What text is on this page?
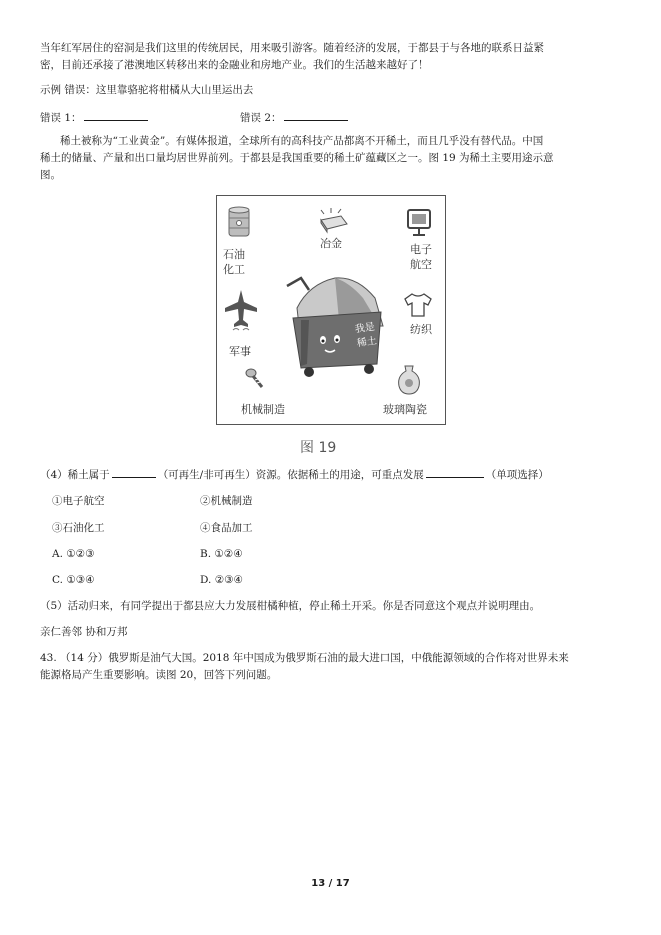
当年红军居住的窑洞是我们这里的传统居民，用来吸引游客。随着经济的发展，于都县于与各地的联系日益紧
密，目前还承接了港澳地区转移出来的金融业和房地产业。我们的生活越来越好了！
示例 错误：这里靠骆驼将柑橘从大山里运出去
错误 1：	错误 2：
稀土被称为“工业黄金”。有媒体报道，全球所有的高科技产品都离不开稀土，而且几乎没有替代品。中国
稀土的储量、产量和出口量均居世界前列。于都县是我国重要的稀土矿蕴藏区之一。图 19 为稀土主要用途示意
图。
石油
化工
冶金	电子
航空
军事
纺织
机械制造	玻璃陶瓷
我是
稀土
图 19
（4）稀土属于	（可再生/非可再生）资源。依据稀土的用途，可重点发展	（单项选择）
①电子航空	②机械制造
③石油化工	④食品加工
A. ①②③	B. ①②④
C. ①③④	D. ②③④
（5）活动归来，有同学提出于都县应大力发展柑橘种植，停止稀土开采。你是否同意这个观点并说明理由。
亲仁善邻 协和万邦
43. （14 分）俄罗斯是油气大国。2018 年中国成为俄罗斯石油的最大进口国，中俄能源领域的合作将对世界未来
能源格局产生重要影响。读图 20，回答下列问题。
13 / 17
